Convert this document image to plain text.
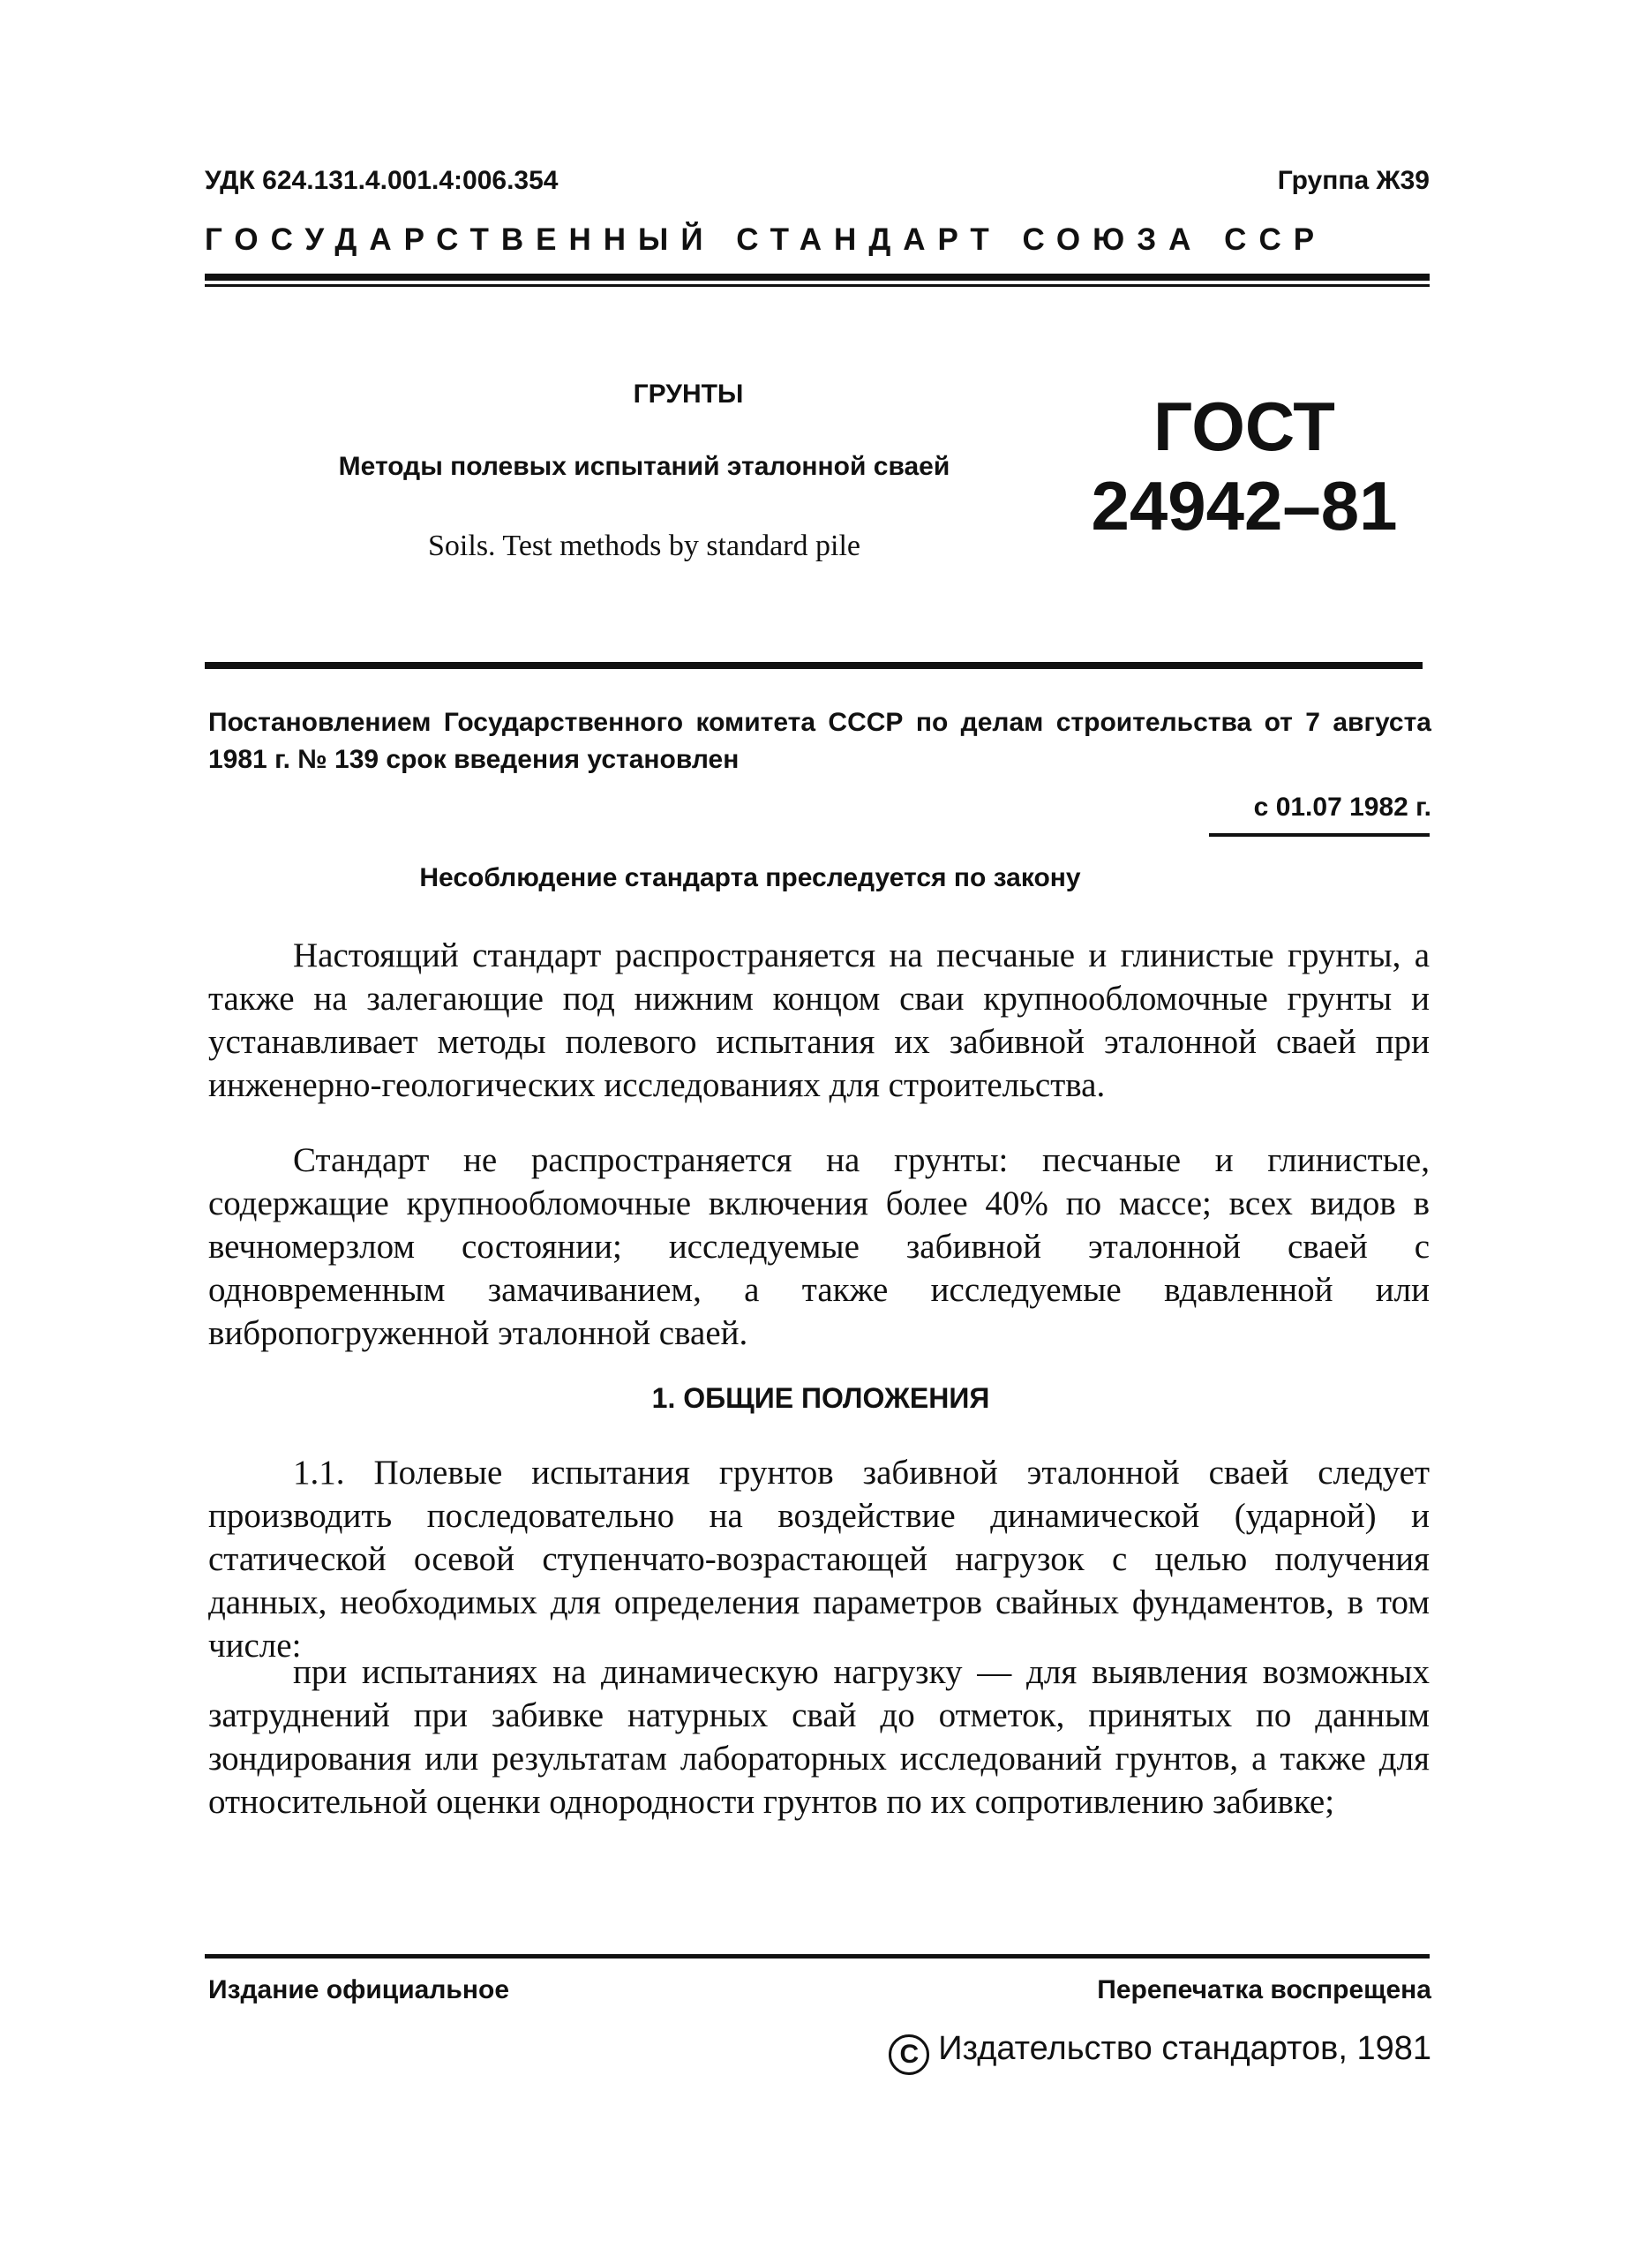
УДК 624.131.4.001.4:006.354	Группа Ж39
ГОСУДАРСТВЕННЫЙ СТАНДАРТ СОЮЗА ССР
ГРУНТЫ
Методы полевых испытаний эталонной сваей
Soils. Test methods by standard pile
ГОСТ
24942–81
Постановлением Государственного комитета СССР по делам строительства от 7 августа 1981 г. № 139 срок введения установлен
с 01.07 1982 г.
Несоблюдение стандарта преследуется по закону

Настоящий стандарт распространяется на песчаные и глинистые грунты, а также на залегающие под нижним концом сваи крупнообломочные грунты и устанавливает методы полевого испытания их забивной эталонной сваей при инженерно-геологических исследованиях для строительства.

Стандарт не распространяется на грунты: песчаные и глинистые, содержащие крупнообломочные включения более 40% по массе; всех видов в вечномерзлом состоянии; исследуемые забивной эталонной сваей с одновременным замачиванием, а также исследуемые вдавленной или вибропогруженной эталонной сваей.

1. ОБЩИЕ ПОЛОЖЕНИЯ

1.1. Полевые испытания грунтов забивной эталонной сваей следует производить последовательно на воздействие динамической (ударной) и статической осевой ступенчато-возрастающей нагрузок с целью получения данных, необходимых для определения параметров свайных фундаментов, в том числе:

при испытаниях на динамическую нагрузку — для выявления возможных затруднений при забивке натурных свай до отметок, принятых по данным зондирования или результатам лабораторных исследований грунтов, а также для относительной оценки однородности грунтов по их сопротивлению забивке;

Издание официальное	Перепечатка воспрещена
C Издательство стандартов, 1981
